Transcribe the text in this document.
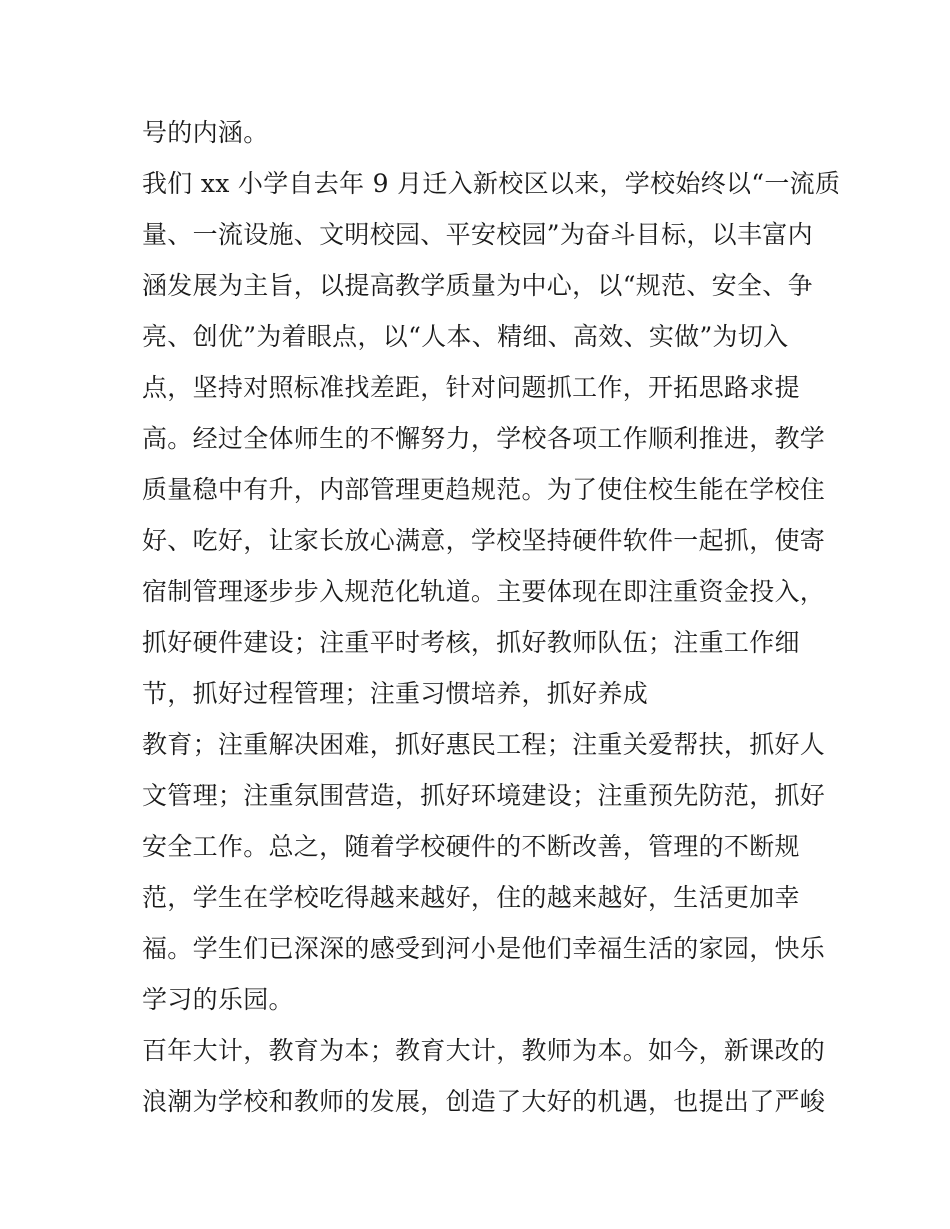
号的内涵。
我们 xx 小学自去年 9 月迁入新校区以来，学校始终以“一流质
量、一流设施、文明校园、平安校园”为奋斗目标，以丰富内
涵发展为主旨，以提高教学质量为中心，以“规范、安全、争
亮、创优”为着眼点，以“人本、精细、高效、实做”为切入
点，坚持对照标准找差距，针对问题抓工作，开拓思路求提
高。经过全体师生的不懈努力，学校各项工作顺利推进，教学
质量稳中有升，内部管理更趋规范。为了使住校生能在学校住
好、吃好，让家长放心满意，学校坚持硬件软件一起抓，使寄
宿制管理逐步步入规范化轨道。主要体现在即注重资金投入，
抓好硬件建设；注重平时考核，抓好教师队伍；注重工作细
节，抓好过程管理；注重习惯培养，抓好养成
教育；注重解决困难，抓好惠民工程；注重关爱帮扶，抓好人
文管理；注重氛围营造，抓好环境建设；注重预先防范，抓好
安全工作。总之，随着学校硬件的不断改善，管理的不断规
范，学生在学校吃得越来越好，住的越来越好，生活更加幸
福。学生们已深深的感受到河小是他们幸福生活的家园，快乐
学习的乐园。
百年大计，教育为本；教育大计，教师为本。如今，新课改的
浪潮为学校和教师的发展，创造了大好的机遇，也提出了严峻
